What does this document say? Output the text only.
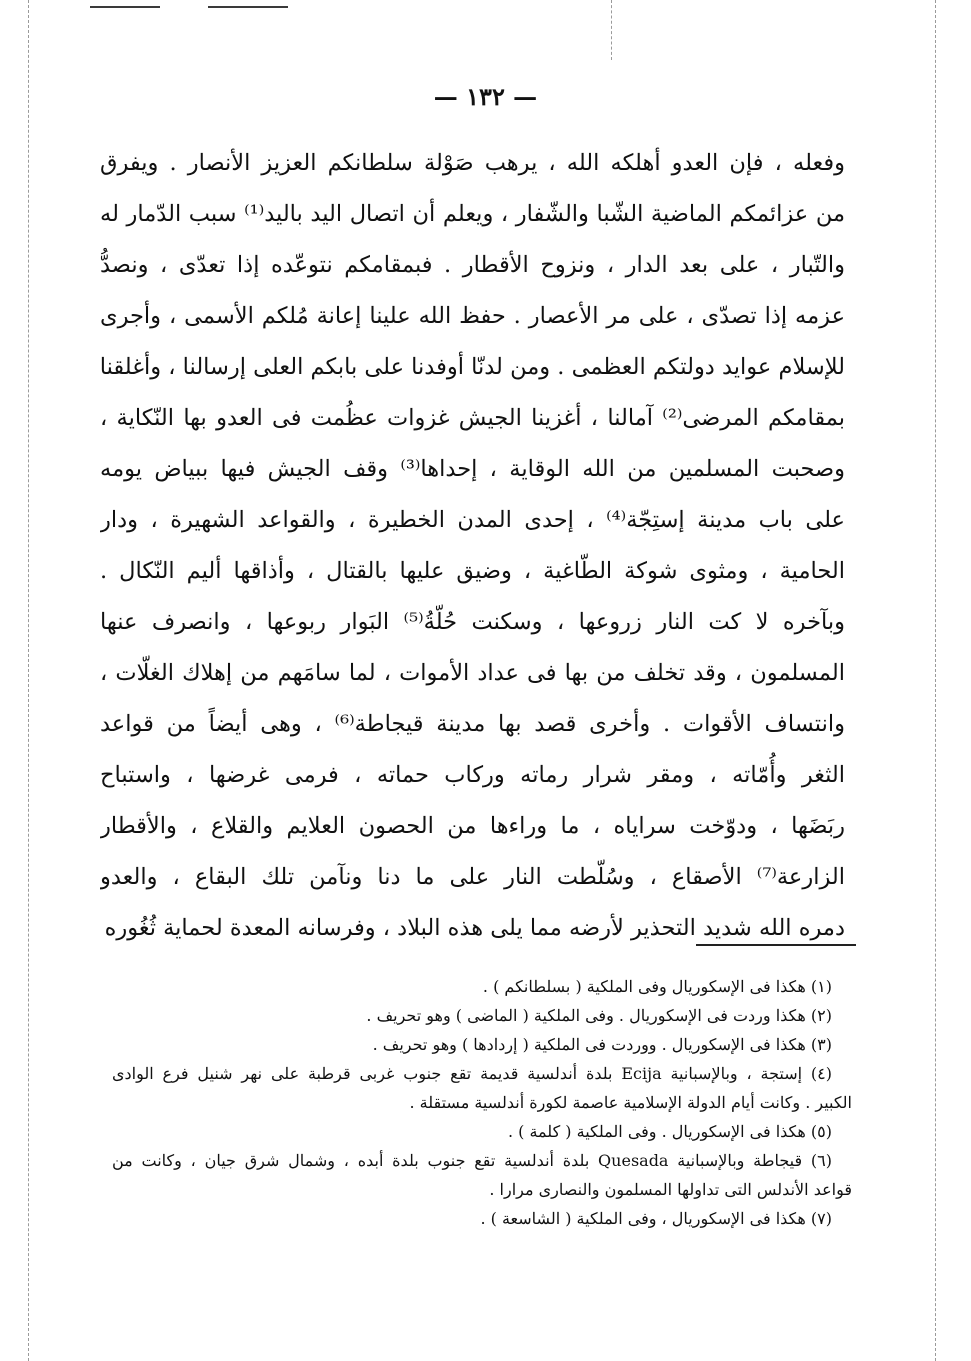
— ١٣٢ —
وفعله ، فإن العدو أهلكه الله ، يرهب صَوْلة سلطانكم العزيز الأنصار . ويفرق
من عزائمكم الماضية الشّبا والشّفار ، ويعلم أن اتصال اليد باليد⁽¹⁾ سبب الدّمار له
والتّبار ، على بعد الدار ، ونزوح الأقطار . فبمقامكم نتوعّده إذا تعدّى ، ونصدُّ
عزمه إذا تصدّى ، على مر الأعصار . حفظ الله علينا إعانة مُلكم الأسمى ، وأجرى
للإسلام عوايد دولتكم العظمى . ومن لدنّا أوفدنا على بابكم العلى إرسالنا ، وأغلقنا
بمقامكم المرضى⁽²⁾ آمالنا ، أغزينا الجيش غزوات عظُمت فى العدو بها النّكاية ،
وصحبت المسلمين من الله الوقاية ، إحداها⁽³⁾ وقف الجيش فيها ببياض يومه
على باب مدينة إستِجّة⁽⁴⁾ ، إحدى المدن الخطيرة ، والقواعد الشهيرة ، ودار
الحامية ، ومثوى شوكة الطّاغية ، وضيق عليها بالقتال ، وأذاقها أليم النّكال .
وبآخره لا كت النار زروعها ، وسكنت حُلّةُ⁽⁵⁾ البَوار ربوعها ، وانصرف عنها
المسلمون ، وقد تخلف من بها فى عداد الأموات ، لما سامَهم من إهلاك الغلّات ،
وانتساف الأقوات . وأخرى قصد بها مدينة قيجاطة⁽⁶⁾ ، وهى أيضاً من قواعد
الثغر وأُمّاته ، ومقر شرار رماته وركاب حماته ، فرمى غرضها ، واستباح
ربَضَها ، ودوّخت سراياه ، ما وراءها من الحصون العلايم والقلاع ، والأقطار
الزارعة⁽⁷⁾ الأصقاع ، وسُلّطت النار على ما دنا ونآمن تلك البقاع ، والعدو
دمره الله شديد التحذير لأرضه مما يلى هذه البلاد ، وفرسانه المعدة لحماية ثُغُوره
(١) هكذا فى الإسكوريال وفى الملكية ( بسلطانكم ) .
(٢) هكذا وردت فى الإسكوريال . وفى الملكية ( الماضى ) وهو تحريف .
(٣) هكذا فى الإسكوريال . ووردت فى الملكية ( إردادها ) وهو تحريف .
(٤) إستجة ، وبالإسبانية Ecija بلدة أندلسية قديمة تقع جنوب غربى قرطبة على نهر شنيل فرع الوادى
الكبير . وكانت أيام الدولة الإسلامية عاصمة لكورة أندلسية مستقلة .
(٥) هكذا فى الإسكوريال . وفى الملكية ( كلمة ) .
(٦) قيجاطة وبالإسبانية Quesada بلدة أندلسية تقع جنوب بلدة أبده ، وشمال شرق جيان ، وكانت من
قواعد الأندلس التى تداولها المسلمون والنصارى مرارا .
(٧) هكذا فى الإسكوريال ، وفى الملكية ( الشاسعة ) .
